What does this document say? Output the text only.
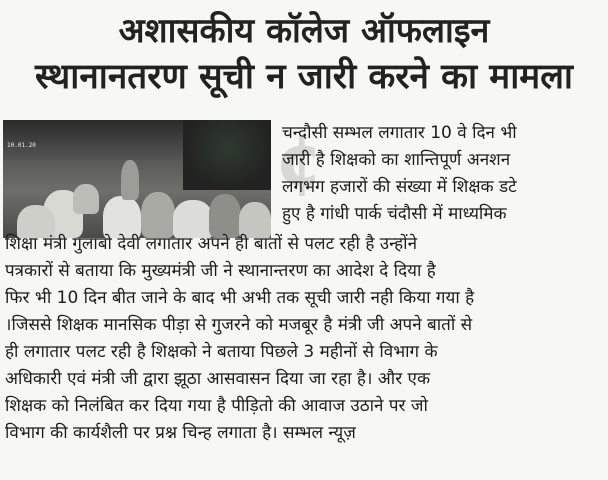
अशासकीय कॉलेज ऑफलाइन
स्थानानतरण सूची न जारी करने का मामला
10.01.20	¢
चन्दौसी सम्भल लगातार 10 वे दिन भी
जारी है शिक्षको का शान्तिपूर्ण अनशन
लगभग हजारों की संख्या में शिक्षक डटे
हुए है गांधी पार्क चंदौसी में माध्यमिक
शिक्षा मंत्री गुलाबो देवी लगातार अपने ही बातों से पलट रही है उन्होंने
पत्रकारों से बताया कि मुख्यमंत्री जी ने स्थानान्तरण का आदेश दे दिया है
फिर भी 10 दिन बीत जाने के बाद भी अभी तक सूची जारी नही किया गया है
।जिससे शिक्षक मानसिक पीड़ा से गुजरने को मजबूर है मंत्री जी अपने बातों से
ही लगातार पलट रही है शिक्षको ने बताया पिछले 3 महीनों से विभाग के
अधिकारी एवं मंत्री जी द्वारा झूठा आसवासन दिया जा रहा है। और एक
शिक्षक को निलंबित कर दिया गया है पीड़ितो की आवाज उठाने पर जो
विभाग की कार्यशैली पर प्रश्न चिन्ह लगाता है। सम्भल न्यूज़
